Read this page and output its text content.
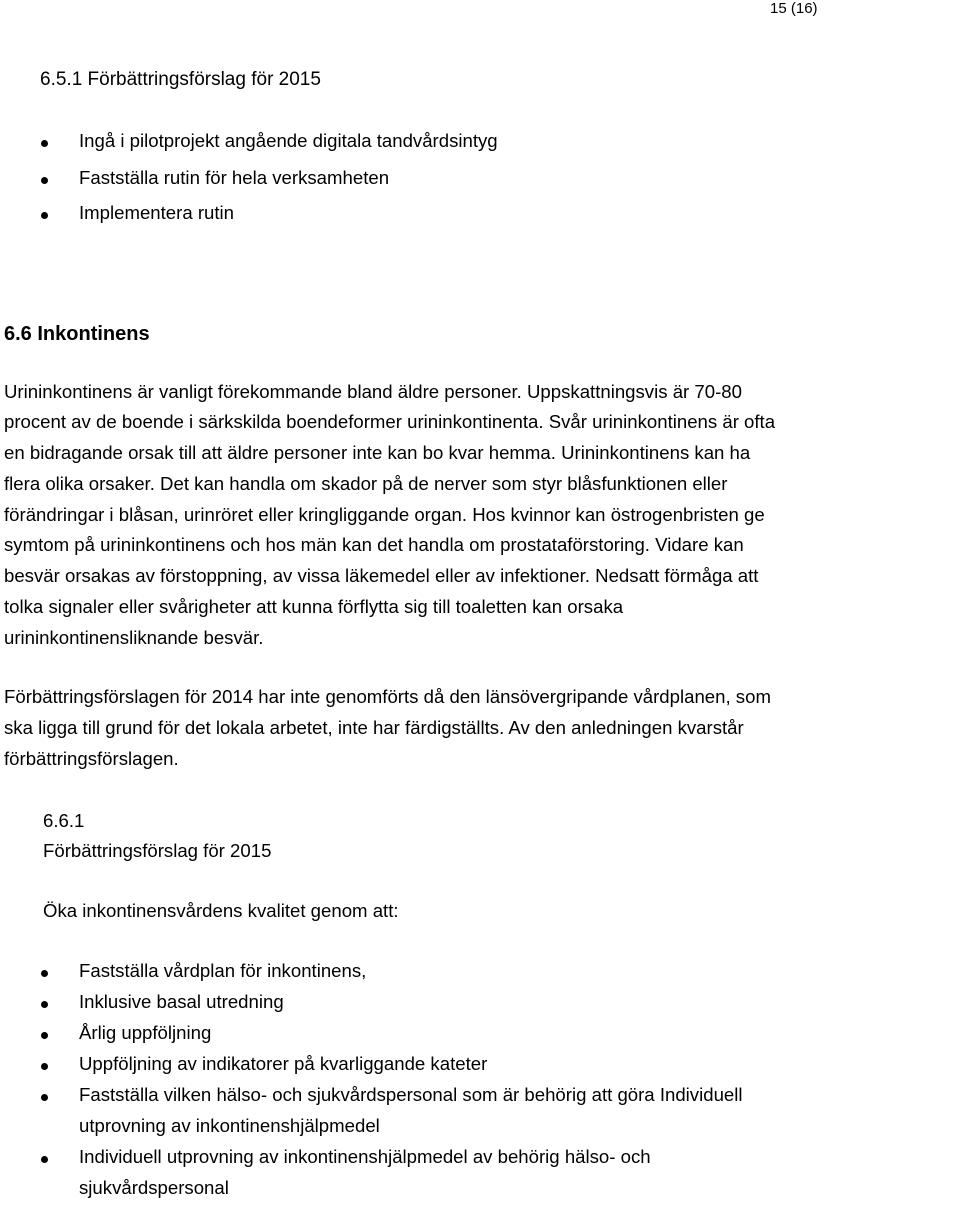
15 (16)
6.5.1 Förbättringsförslag för 2015
Ingå i pilotprojekt angående digitala tandvårdsintyg
Fastställa rutin för hela verksamheten
Implementera rutin
6.6 Inkontinens
Urininkontinens är vanligt förekommande bland äldre personer. Uppskattningsvis är 70-80
procent av de boende i särkskilda boendeformer urininkontinenta. Svår urininkontinens är ofta
en bidragande orsak till att äldre personer inte kan bo kvar hemma. Urininkontinens kan ha
flera olika orsaker. Det kan handla om skador på de nerver som styr blåsfunktionen eller
förändringar i blåsan, urinröret eller kringliggande organ. Hos kvinnor kan östrogenbristen ge
symtom på urininkontinens och hos män kan det handla om prostataförstoring. Vidare kan
besvär orsakas av förstoppning, av vissa läkemedel eller av infektioner. Nedsatt förmåga att
tolka signaler eller svårigheter att kunna förflytta sig till toaletten kan orsaka
urininkontinensliknande besvär.
Förbättringsförslagen för 2014 har inte genomförts då den länsövergripande vårdplanen, som
ska ligga till grund för det lokala arbetet, inte har färdigställts. Av den anledningen kvarstår
förbättringsförslagen.
6.6.1
Förbättringsförslag för 2015
Öka inkontinensvårdens kvalitet genom att:
Fastställa vårdplan för inkontinens,
Inklusive basal utredning
Årlig uppföljning
Uppföljning av indikatorer på kvarliggande kateter
Fastställa vilken hälso- och sjukvårdspersonal som är behörig att göra Individuell
utprovning av inkontinenshjälpmedel
Individuell utprovning av inkontinenshjälpmedel av behörig hälso- och
sjukvårdspersonal
